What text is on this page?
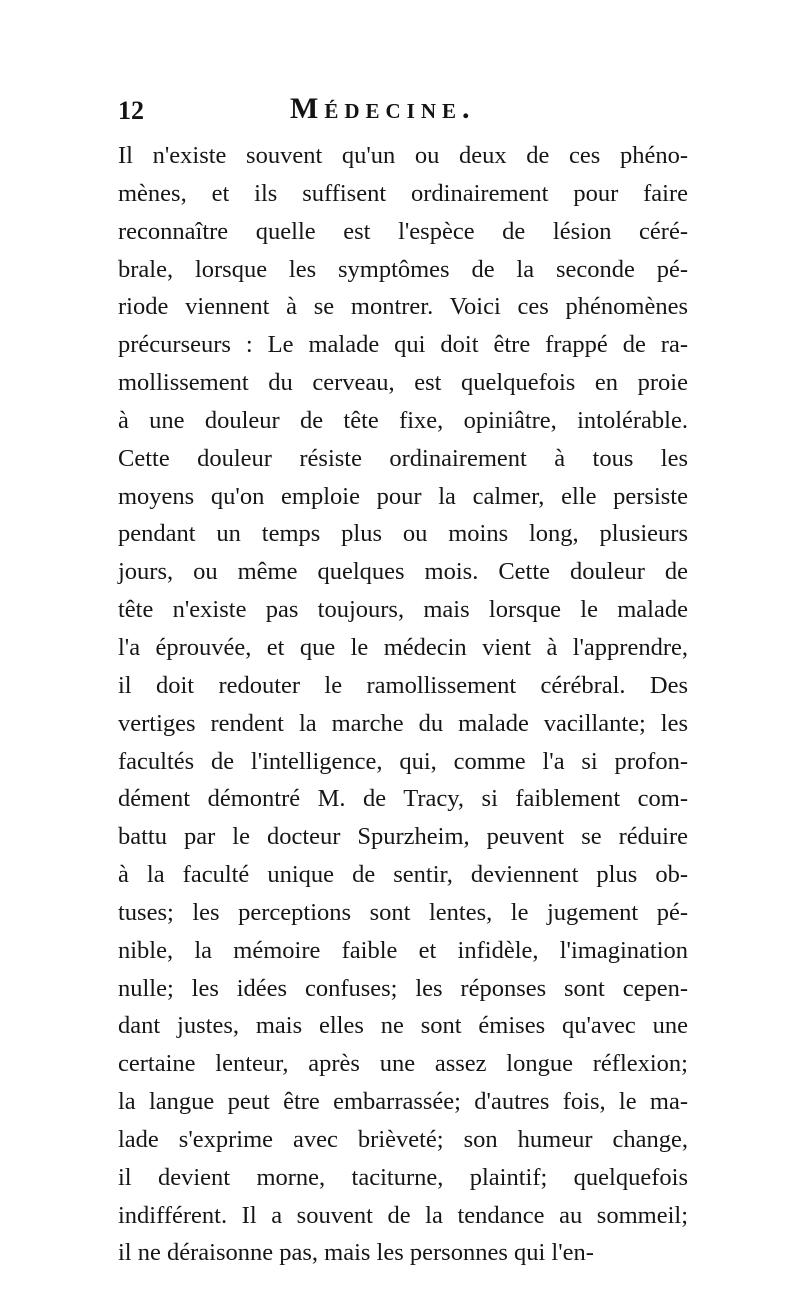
12	Médecine.
Il n'existe souvent qu'un ou deux de ces phéno-
mènes, et ils suffisent ordinairement pour faire
reconnaître quelle est l'espèce de lésion céré-
brale, lorsque les symptômes de la seconde pé-
riode viennent à se montrer. Voici ces phénomènes
précurseurs : Le malade qui doit être frappé de ra-
mollissement du cerveau, est quelquefois en proie
à une douleur de tête fixe, opiniâtre, intolérable.
Cette douleur résiste ordinairement à tous les
moyens qu'on emploie pour la calmer, elle persiste
pendant un temps plus ou moins long, plusieurs
jours, ou même quelques mois. Cette douleur de
tête n'existe pas toujours, mais lorsque le malade
l'a éprouvée, et que le médecin vient à l'apprendre,
il doit redouter le ramollissement cérébral. Des
vertiges rendent la marche du malade vacillante; les
facultés de l'intelligence, qui, comme l'a si profon-
dément démontré M. de Tracy, si faiblement com-
battu par le docteur Spurzheim, peuvent se réduire
à la faculté unique de sentir, deviennent plus ob-
tuses; les perceptions sont lentes, le jugement pé-
nible, la mémoire faible et infidèle, l'imagination
nulle; les idées confuses; les réponses sont cepen-
dant justes, mais elles ne sont émises qu'avec une
certaine lenteur, après une assez longue réflexion;
la langue peut être embarrassée; d'autres fois, le ma-
lade s'exprime avec brièveté; son humeur change,
il devient morne, taciturne, plaintif; quelquefois
indifférent. Il a souvent de la tendance au sommeil;
il ne déraisonne pas, mais les personnes qui l'en-
